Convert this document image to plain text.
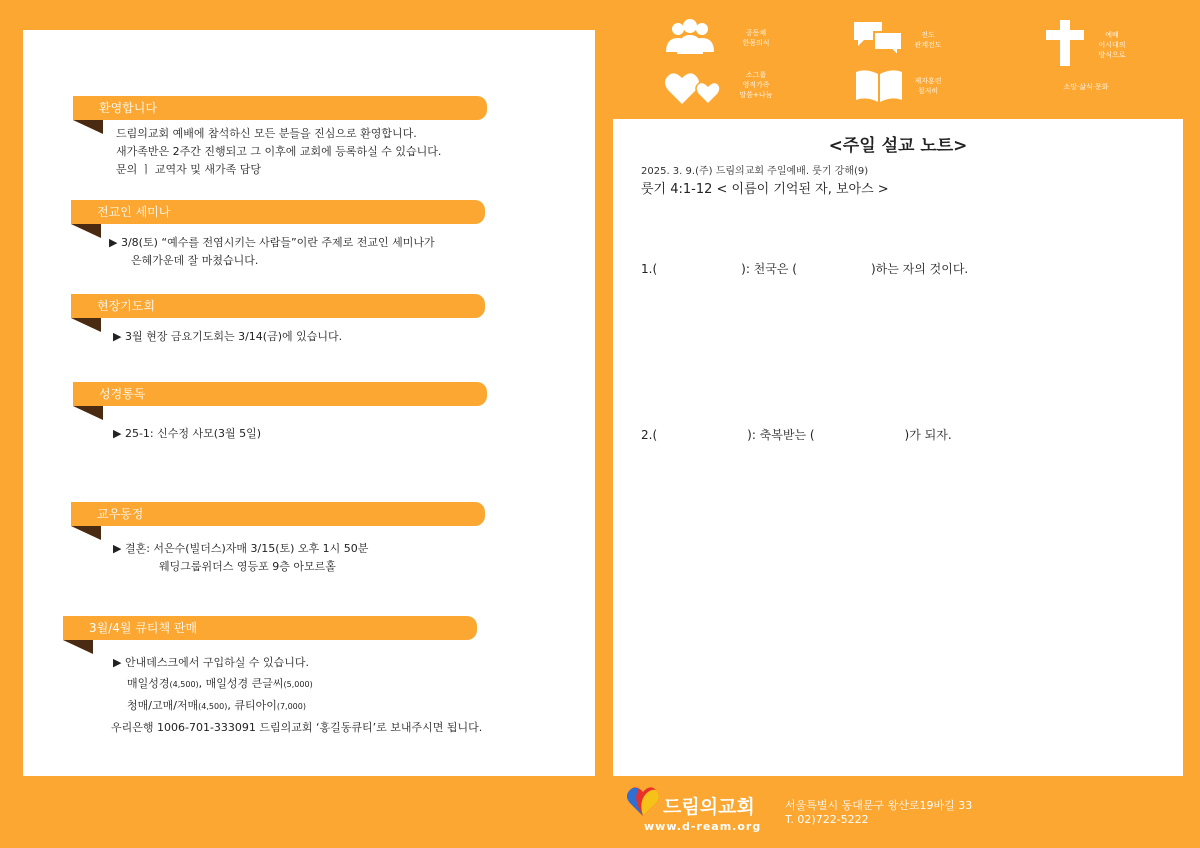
환영합니다
드림의교회 예배에 참석하신 모든 분들을 진심으로 환영합니다.
새가족반은 2주간 진행되고 그 이후에 교회에 등록하실 수 있습니다.
문의 ㅣ 교역자 및 새가족 담당
전교인 세미나
▶ 3/8(토) “예수를 전염시키는 사람들”이란 주제로 전교인 세미나가
은혜가운데 잘 마쳤습니다.
현장기도회
▶ 3월 현장 금요기도회는 3/14(금)에 있습니다.
성경통독
▶ 25-1: 신수정 사모(3월 5일)
교우동정
▶ 결혼: 서은수(빌더스)자매 3/15(토) 오후 1시 50분
웨딩그룹위더스 영등포 9층 아모르홀
3월/4월 큐티책 판매
▶ 안내데스크에서 구입하실 수 있습니다.
매일성경(4,500), 매일성경 큰글씨(5,000)
청매/고매/저매(4,500), 큐티아이(7,000)
우리은행 1006-701-333091 드림의교회 ‘홍길동큐티’로 보내주시면 됩니다.
공동체
한몸의식
전도
관계전도
예배
이시대의
방식으로
소그룹
영적가족
말씀+나눔
제자훈련
철저히	소망·삶식·문화
<주일 설교 노트>
2025. 3. 9.(주) 드림의교회 주일예배. 룻기 강해(9)
룻기 4:1-12 < 이름이 기억된 자, 보아스 >
1.(	): 천국은 (	)하는 자의 것이다.
2.(	): 축복받는 (	)가 되자.
드림의교회
www.d-ream.org
서울특별시 동대문구 왕산로19바길 33
T. 02)722-5222
